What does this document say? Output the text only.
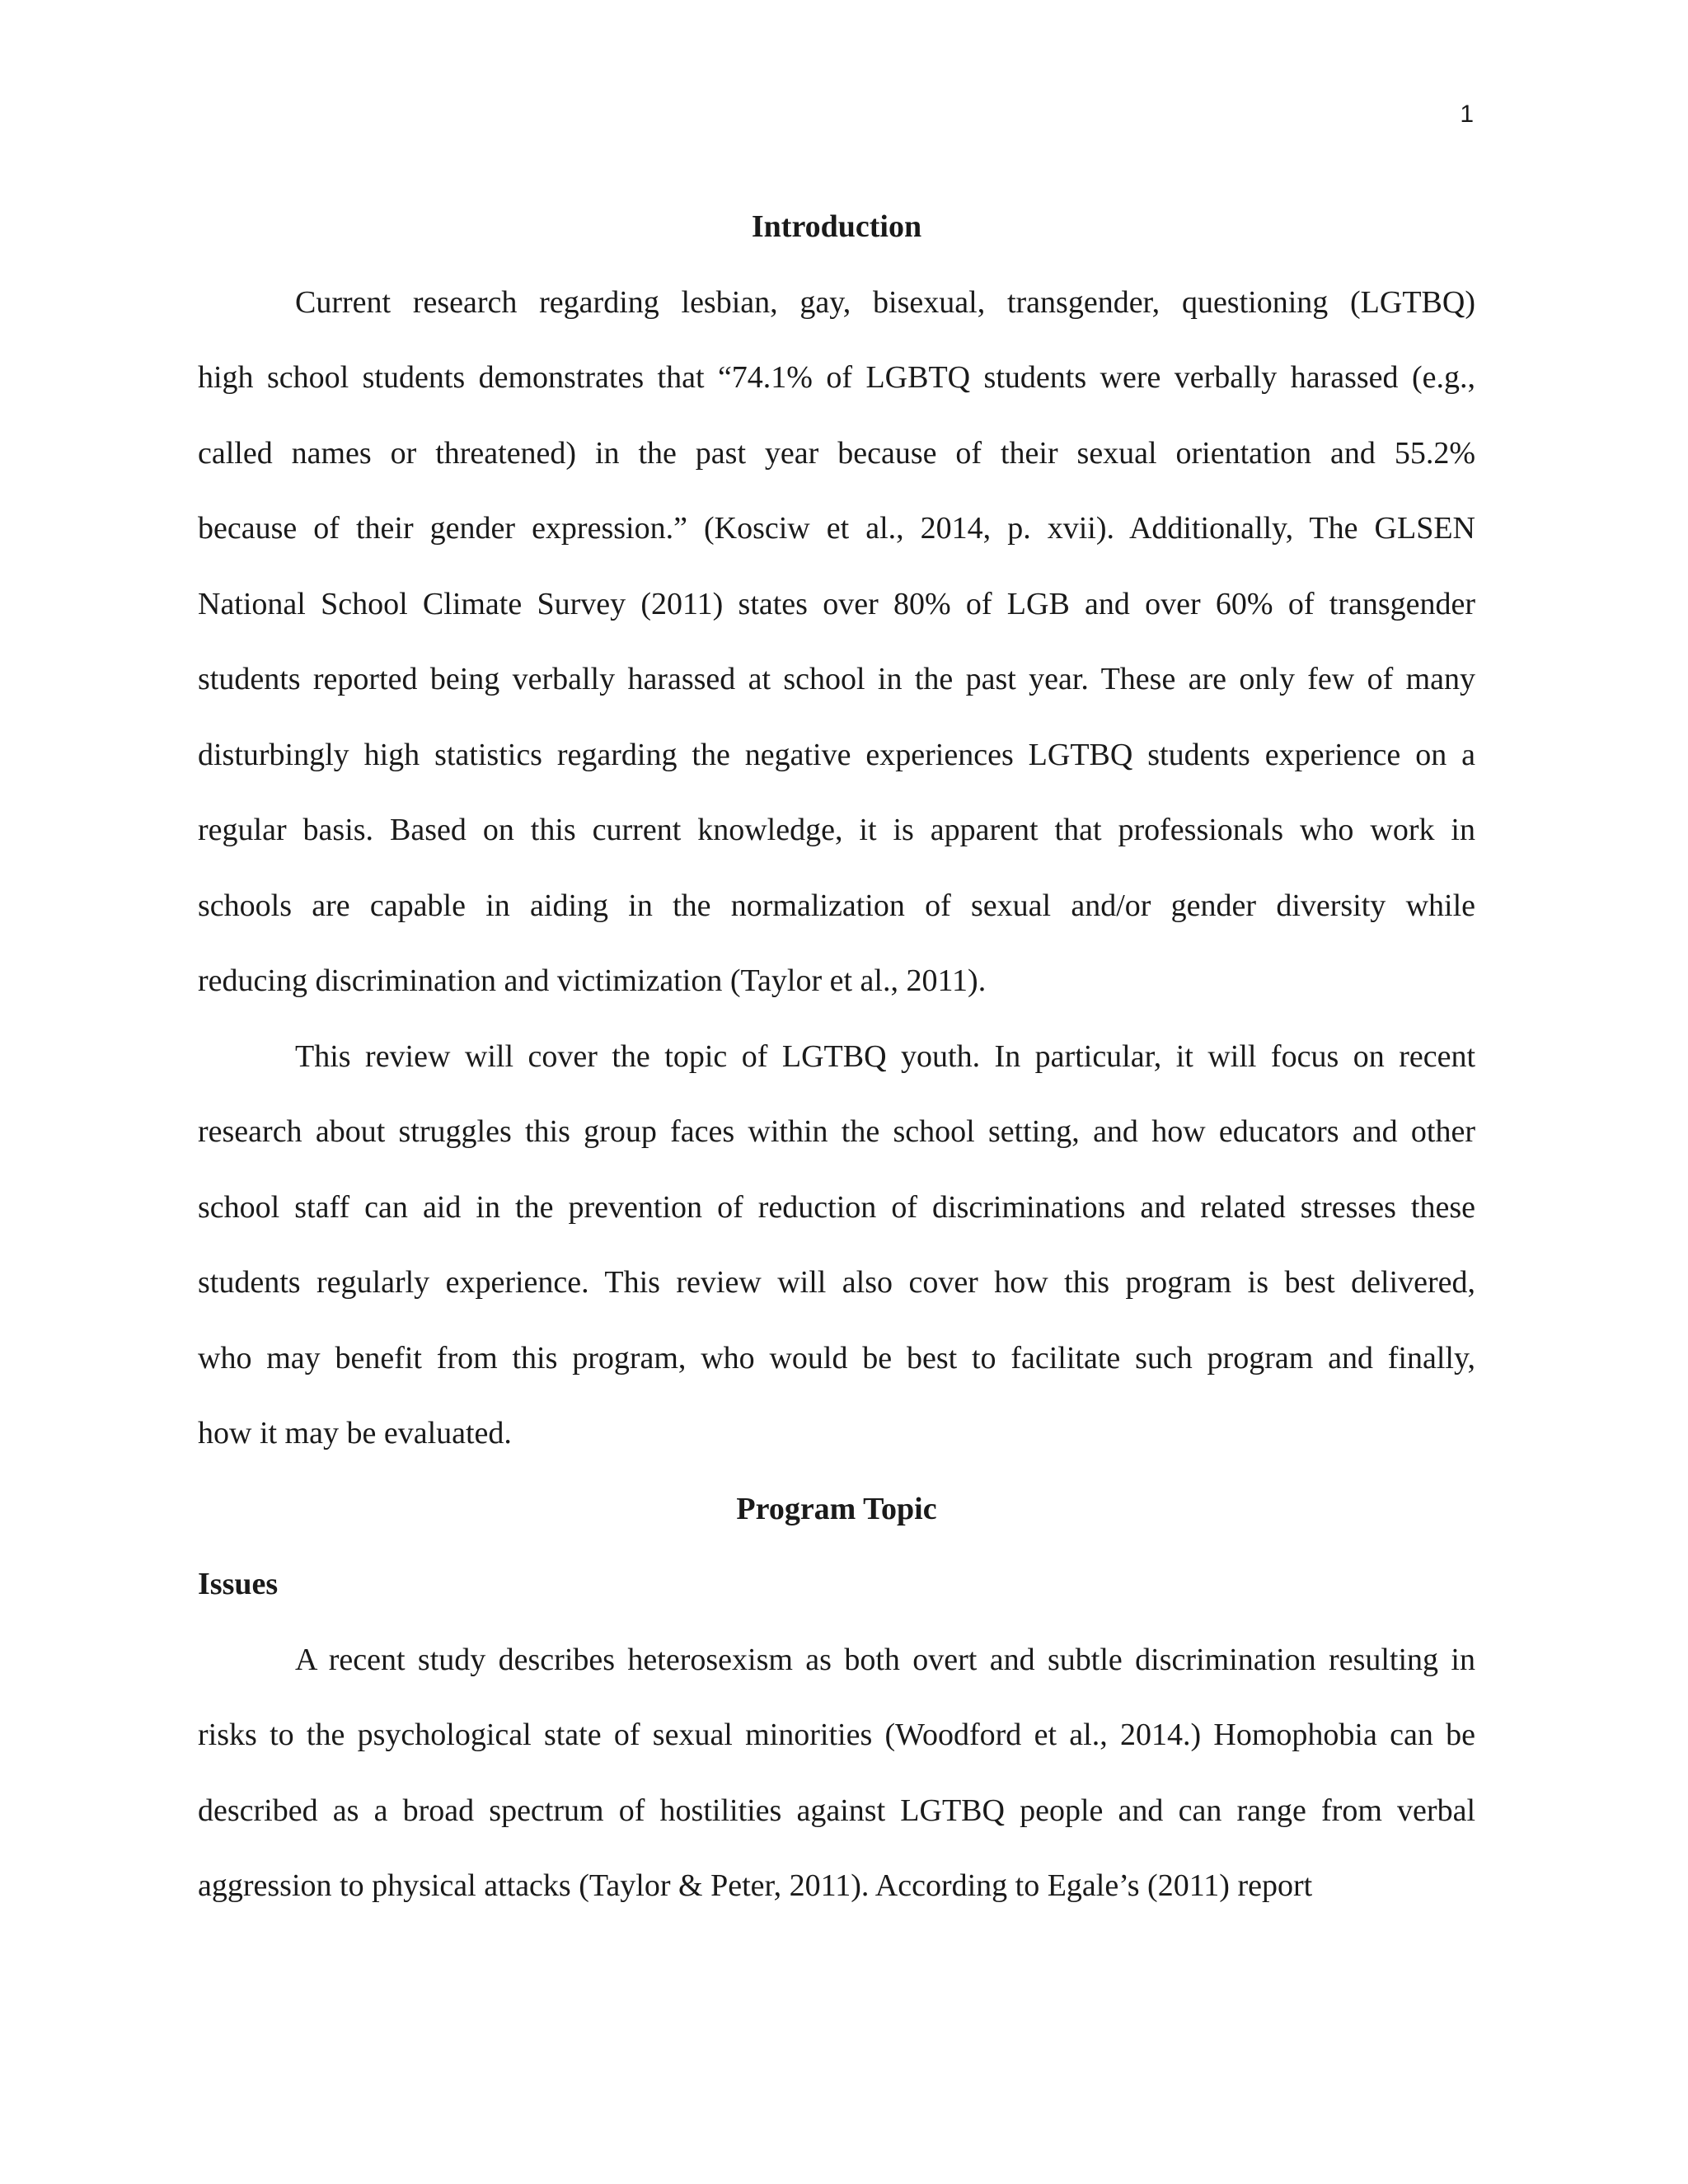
1
Introduction
Current research regarding lesbian, gay, bisexual, transgender, questioning (LGTBQ)
high school students demonstrates that “74.1% of LGBTQ students were verbally harassed (e.g.,
called names or threatened) in the past year because of their sexual orientation and 55.2%
because of their gender expression.” (Kosciw et al., 2014, p. xvii). Additionally, The GLSEN
National School Climate Survey (2011) states over 80% of LGB and over 60% of transgender
students reported being verbally harassed at school in the past year. These are only few of many
disturbingly high statistics regarding the negative experiences LGTBQ students experience on a
regular basis. Based on this current knowledge, it is apparent that professionals who work in
schools are capable in aiding in the normalization of sexual and/or gender diversity while
reducing discrimination and victimization (Taylor et al., 2011).
This review will cover the topic of LGTBQ youth. In particular, it will focus on recent
research about struggles this group faces within the school setting, and how educators and other
school staff can aid in the prevention of reduction of discriminations and related stresses these
students regularly experience. This review will also cover how this program is best delivered,
who may benefit from this program, who would be best to facilitate such program and finally,
how it may be evaluated.
Program Topic
Issues
A recent study describes heterosexism as both overt and subtle discrimination resulting in
risks to the psychological state of sexual minorities (Woodford et al., 2014.) Homophobia can be
described as a broad spectrum of hostilities against LGTBQ people and can range from verbal
aggression to physical attacks (Taylor & Peter, 2011). According to Egale’s (2011) report
